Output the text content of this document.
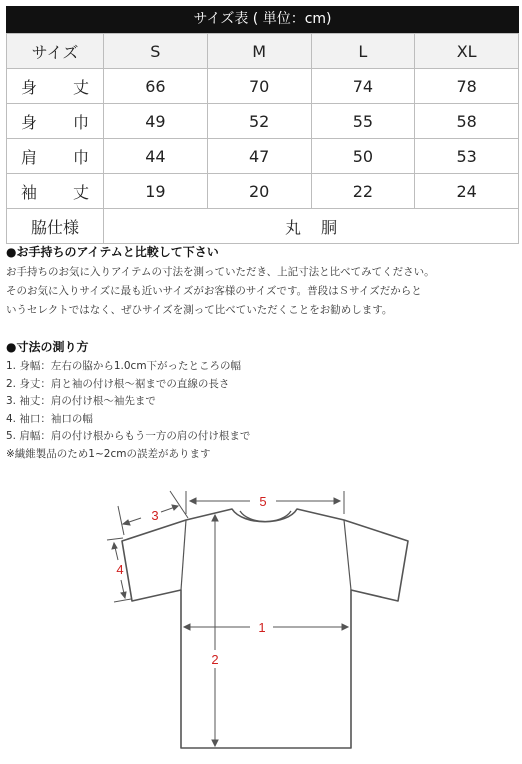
サイズ表 ( 単位：cm)
サイズ	S	M	L	XL

身 丈	66	70	74	78

身 巾	49	52	55	58

肩 巾	44	47	50	53

袖 丈	19	20	22	24
脇仕様	丸 胴			
●お手持ちのアイテムと比較して下さい
お手持ちのお気に入りアイテムの寸法を測っていただき、上記寸法と比べてみてください。
そのお気に入りサイズに最も近いサイズがお客様のサイズです。普段はＳサイズだからと
いうセレクトではなく、ぜひサイズを測って比べていただくことをお勧めします。
●寸法の測り方
1. 身幅：左右の脇から1.0cm下がったところの幅
2. 身丈：肩と袖の付け根～裾までの直線の長さ
3. 袖丈：肩の付け根～袖先まで
4. 袖口：袖口の幅
5. 肩幅：肩の付け根からもう一方の肩の付け根まで
※繊維製品のため1~2cmの誤差があります
5
3
4
2
1
